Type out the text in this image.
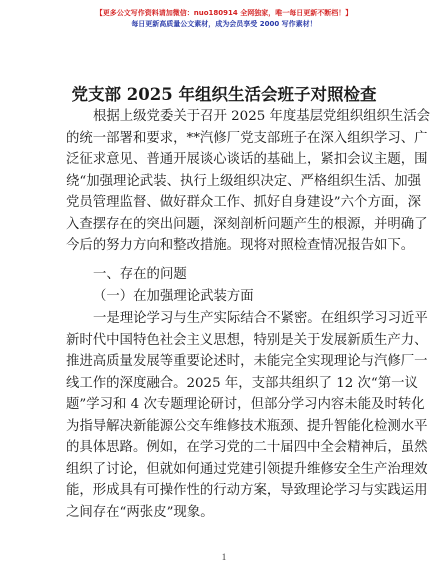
【更多公文写作资料请加微信：nuo180914 全网独家，唯一每日更新不断档！】
每日更新高质量公文素材，成为会员享受 2000 写作素材！
党支部 2025 年组织生活会班子对照检查
根据上级党委关于召开 2025 年度基层党组织组织生活会
的统一部署和要求，**汽修厂党支部班子在深入组织学习、广
泛征求意见、普通开展谈心谈话的基础上，紧扣会议主题，围
绕“加强理论武装、执行上级组织决定、严格组织生活、加强
党员管理监督、做好群众工作、抓好自身建设”六个方面，深
入查摆存在的突出问题，深刻剖析问题产生的根源，并明确了
今后的努力方向和整改措施。现将对照检查情况报告如下。
一、存在的问题
（一）在加强理论武装方面
一是理论学习与生产实际结合不紧密。在组织学习习近平
新时代中国特色社会主义思想，特别是关于发展新质生产力、
推进高质量发展等重要论述时，未能完全实现理论与汽修厂一
线工作的深度融合。2025 年，支部共组织了 12 次“第一议
题”学习和 4 次专题理论研讨，但部分学习内容未能及时转化
为指导解决新能源公交车维修技术瓶颈、提升智能化检测水平
的具体思路。例如，在学习党的二十届四中全会精神后，虽然
组织了讨论，但就如何通过党建引领提升维修安全生产治理效
能，形成具有可操作性的行动方案，导致理论学习与实践运用
之间存在“两张皮”现象。
1
